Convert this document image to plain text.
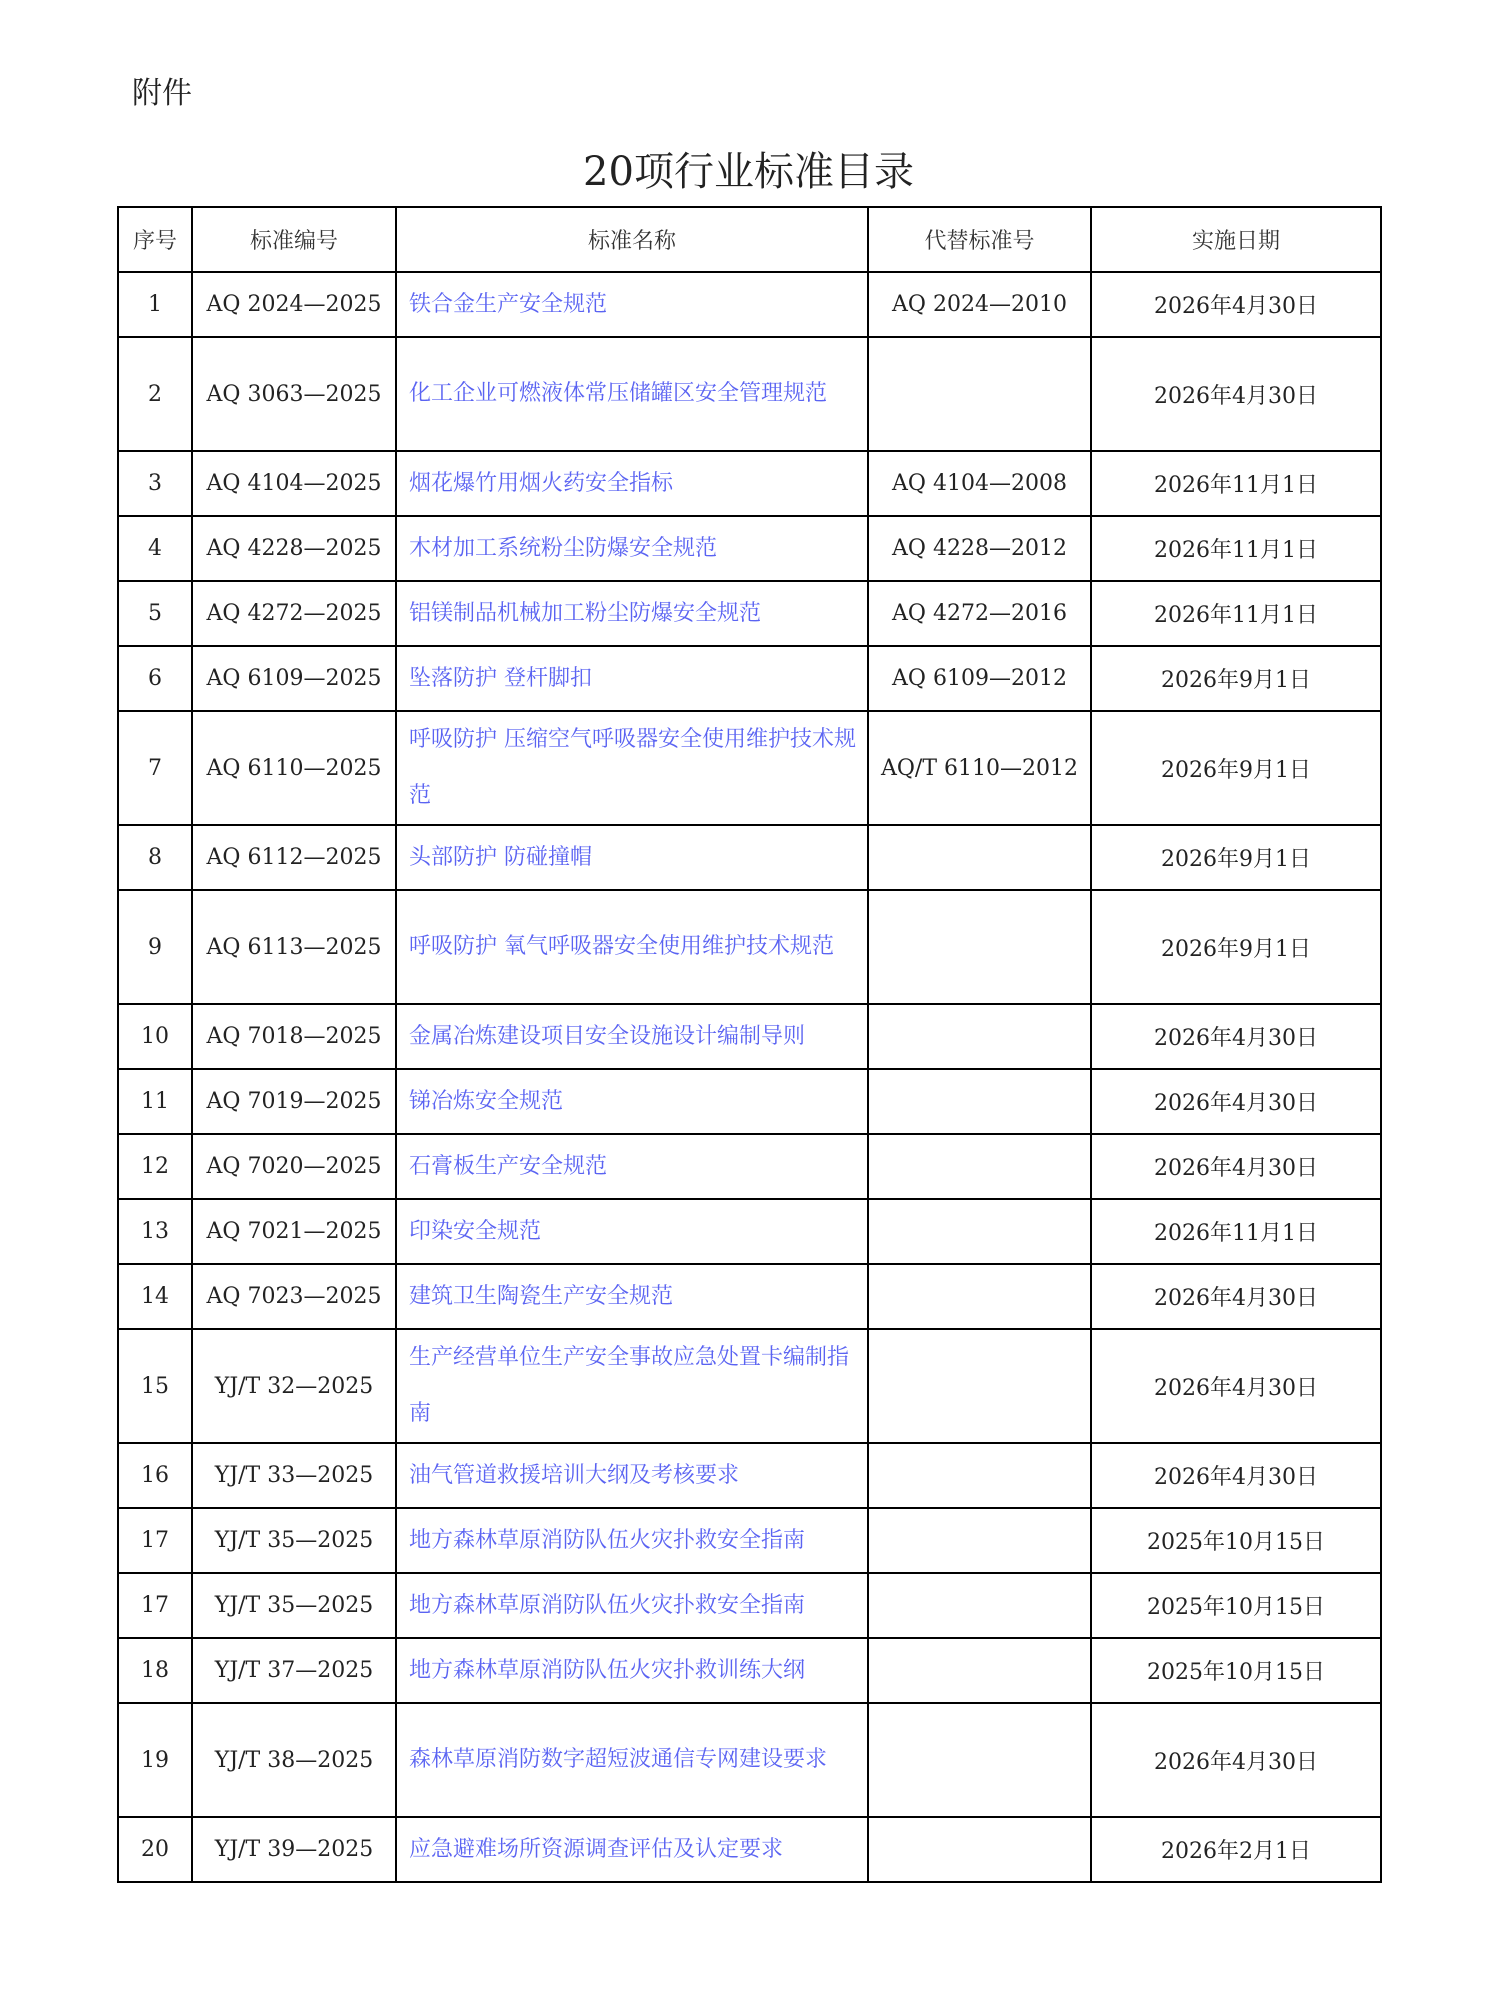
附件
20项行业标准目录
序号	标准编号	标准名称	代替标准号	实施日期
1	AQ 2024—2025	铁合金生产安全规范	AQ 2024—2010	2026年4月30日
2	AQ 3063—2025	化工企业可燃液体常压储罐区安全管理规范		2026年4月30日
3	AQ 4104—2025	烟花爆竹用烟火药安全指标	AQ 4104—2008	2026年11月1日
4	AQ 4228—2025	木材加工系统粉尘防爆安全规范	AQ 4228—2012	2026年11月1日
5	AQ 4272—2025	铝镁制品机械加工粉尘防爆安全规范	AQ 4272—2016	2026年11月1日
6	AQ 6109—2025	坠落防护 登杆脚扣	AQ 6109—2012	2026年9月1日
7	AQ 6110—2025	呼吸防护 压缩空气呼吸器安全使用维护技术规范	AQ/T 6110—2012	2026年9月1日
8	AQ 6112—2025	头部防护 防碰撞帽		2026年9月1日
9	AQ 6113—2025	呼吸防护 氧气呼吸器安全使用维护技术规范		2026年9月1日
10	AQ 7018—2025	金属冶炼建设项目安全设施设计编制导则		2026年4月30日
11	AQ 7019—2025	锑冶炼安全规范		2026年4月30日
12	AQ 7020—2025	石膏板生产安全规范		2026年4月30日
13	AQ 7021—2025	印染安全规范		2026年11月1日
14	AQ 7023—2025	建筑卫生陶瓷生产安全规范		2026年4月30日
15	YJ/T 32—2025	生产经营单位生产安全事故应急处置卡编制指南		2026年4月30日
16	YJ/T 33—2025	油气管道救援培训大纲及考核要求		2026年4月30日
17	YJ/T 35—2025	地方森林草原消防队伍火灾扑救安全指南		2025年10月15日
17	YJ/T 35—2025	地方森林草原消防队伍火灾扑救安全指南		2025年10月15日
18	YJ/T 37—2025	地方森林草原消防队伍火灾扑救训练大纲		2025年10月15日
19	YJ/T 38—2025	森林草原消防数字超短波通信专网建设要求		2026年4月30日
20	YJ/T 39—2025	应急避难场所资源调查评估及认定要求		2026年2月1日
